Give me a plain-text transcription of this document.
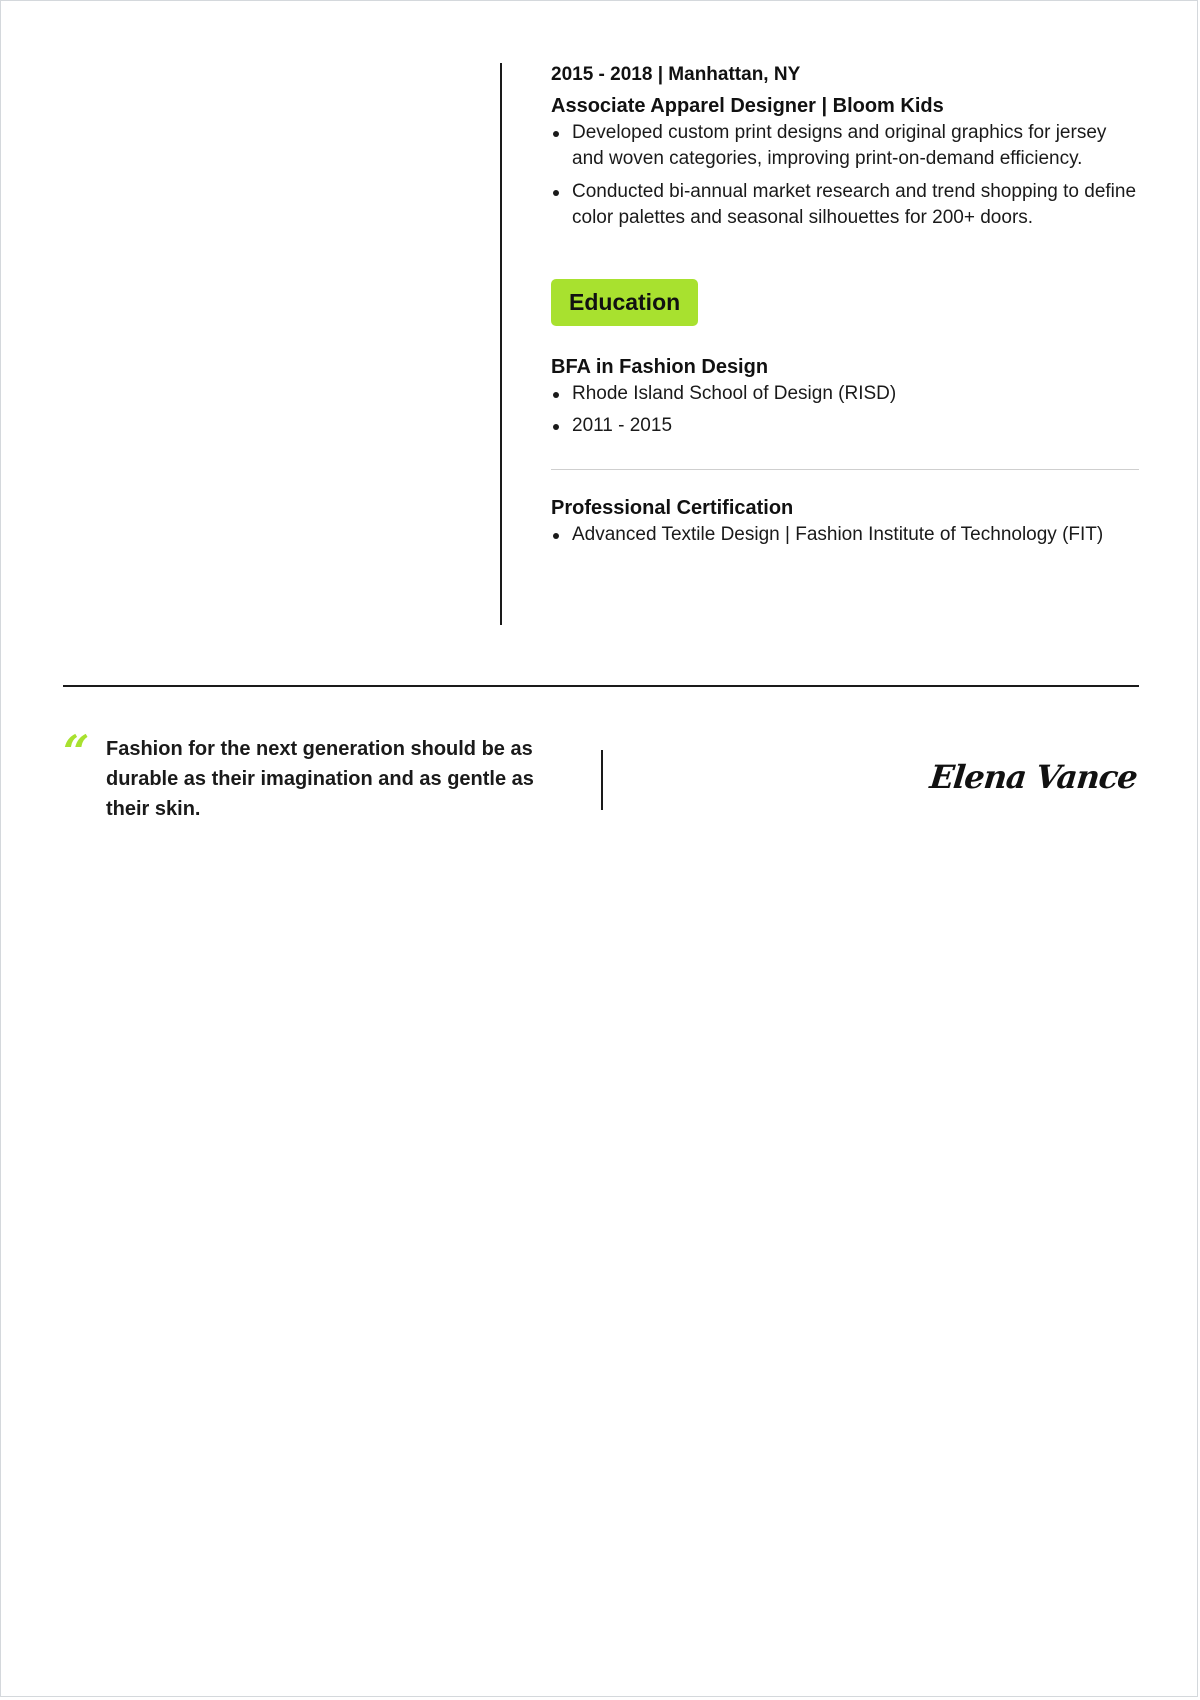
2015 - 2018 | Manhattan, NY

Associate Apparel Designer | Bloom Kids

Developed custom print designs and original graphics for jersey and woven categories, improving print-on-demand efficiency.
Conducted bi-annual market research and trend shopping to define color palettes and seasonal silhouettes for 200+ doors.
Education

BFA in Fashion Design

Rhode Island School of Design (RISD)
2011 - 2015

Professional Certification

Advanced Textile Design | Fashion Institute of Technology (FIT)
“ Fashion for the next generation should be as durable as their imagination and as gentle as their skin.
Elena Vance
